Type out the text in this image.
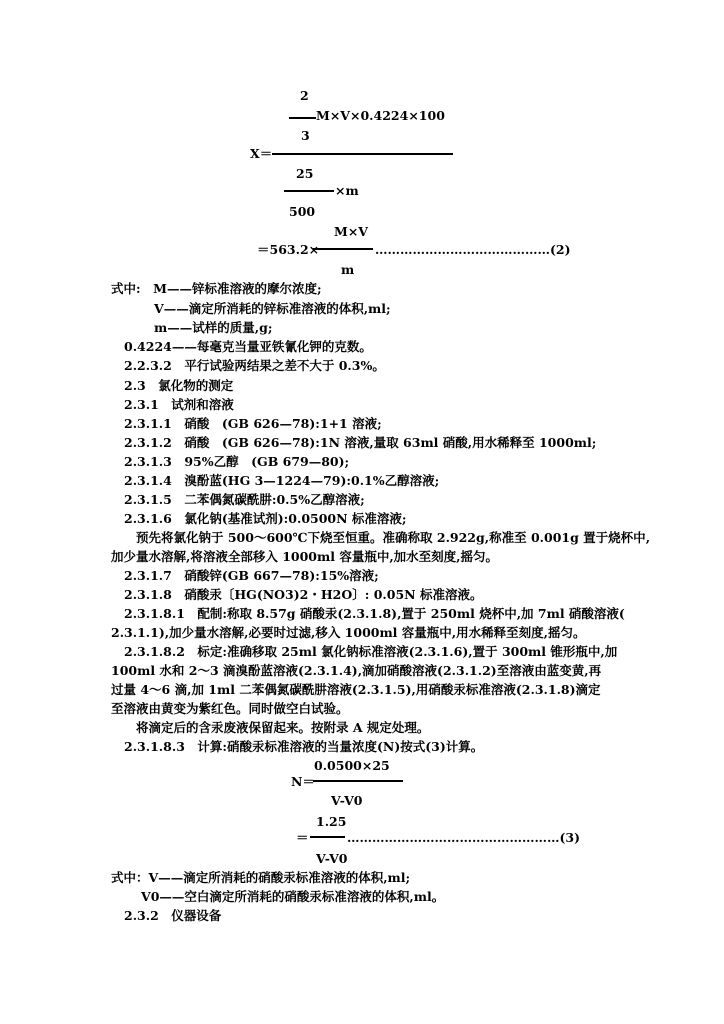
2
M×V×0.4224×100
3
X＝
25
×m
500
M×V
＝563.2×	……………………………………(2)
m
式中:　M——锌标准溶液的摩尔浓度;
V——滴定所消耗的锌标准溶液的体积,ml;
m——试样的质量,g;
0.4224——每毫克当量亚铁氰化钾的克数。
2.2.3.2　平行试验两结果之差不大于 0.3%。
2.3　氯化物的测定
2.3.1　试剂和溶液
2.3.1.1　硝酸　(GB 626—78):1+1 溶液;
2.3.1.2　硝酸　(GB 626—78):1N 溶液,量取 63ml 硝酸,用水稀释至 1000ml;
2.3.1.3　95%乙醇　(GB 679—80);
2.3.1.4　溴酚蓝(HG 3—1224—79):0.1%乙醇溶液;
2.3.1.5　二苯偶氮碳酰肼:0.5%乙醇溶液;
2.3.1.6　氯化钠(基准试剂):0.0500N 标准溶液;
预先将氯化钠于 500～600℃下烧至恒重。准确称取 2.922g,称准至 0.001g 置于烧杯中,
加少量水溶解,将溶液全部移入 1000ml 容量瓶中,加水至刻度,摇匀。
2.3.1.7　硝酸锌(GB 667—78):15%溶液;
2.3.1.8　硝酸汞〔HG(NO3)2・H2O〕: 0.05N 标准溶液。
2.3.1.8.1　配制:称取 8.57g 硝酸汞(2.3.1.8),置于 250ml 烧杯中,加 7ml 硝酸溶液(
2.3.1.1),加少量水溶解,必要时过滤,移入 1000ml 容量瓶中,用水稀释至刻度,摇匀。
2.3.1.8.2　标定:准确移取 25ml 氯化钠标准溶液(2.3.1.6),置于 300ml 锥形瓶中,加
100ml 水和 2～3 滴溴酚蓝溶液(2.3.1.4),滴加硝酸溶液(2.3.1.2)至溶液由蓝变黄,再
过量 4～6 滴,加 1ml 二苯偶氮碳酰肼溶液(2.3.1.5),用硝酸汞标准溶液(2.3.1.8)滴定
至溶液由黄变为紫红色。同时做空白试验。
将滴定后的含汞废液保留起来。按附录 A 规定处理。
2.3.1.8.3　计算:硝酸汞标准溶液的当量浓度(N)按式(3)计算。
0.0500×25
N＝
V-V0
1.25
＝	……………………………………………(3)
V-V0
式中：V——滴定所消耗的硝酸汞标准溶液的体积,ml;
V0——空白滴定所消耗的硝酸汞标准溶液的体积,ml。
2.3.2　仪器设备
